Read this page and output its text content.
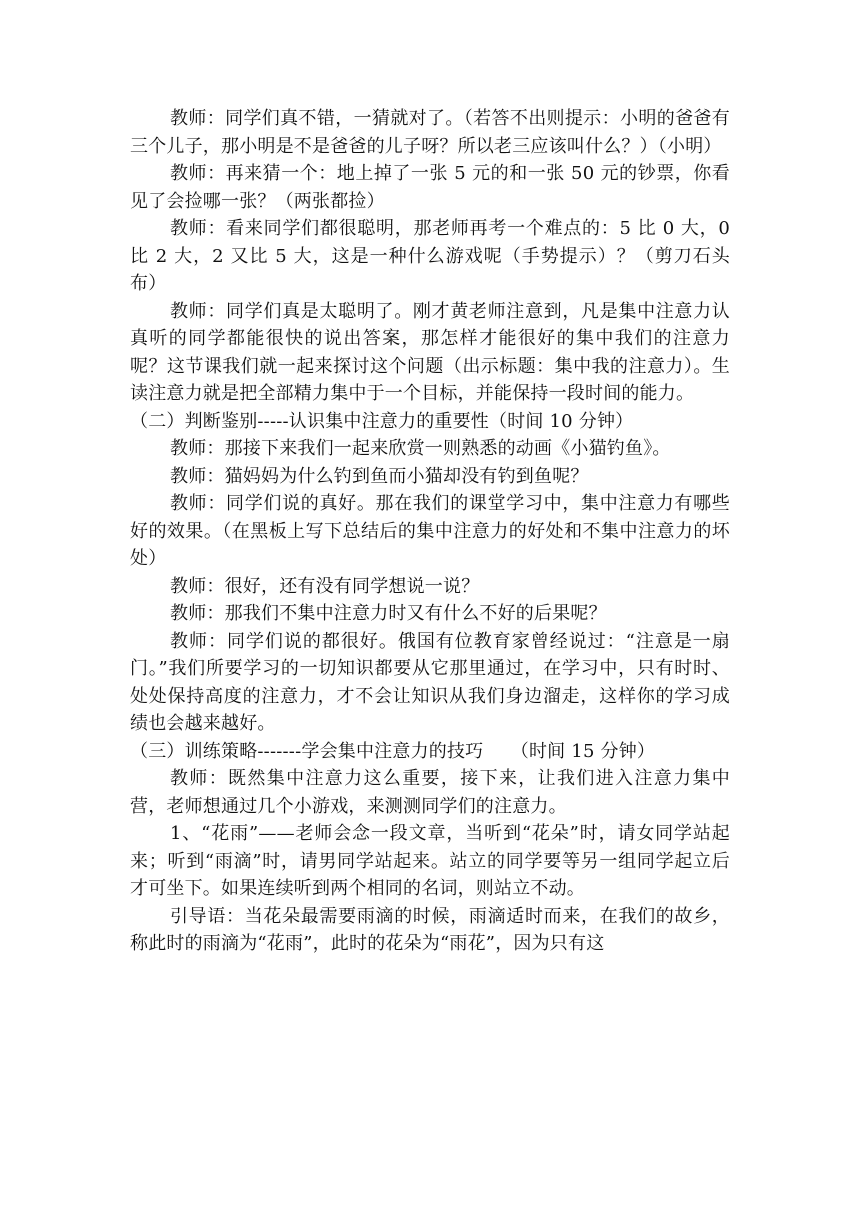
教师：同学们真不错，一猜就对了。（若答不出则提示：小明的爸爸有三个儿子，那小明是不是爸爸的儿子呀？所以老三应该叫什么？）（小明）

教师：再来猜一个：地上掉了一张 5 元的和一张 50 元的钞票，你看见了会捡哪一张？（两张都捡）

教师：看来同学们都很聪明，那老师再考一个难点的：5 比 0 大，0 比 2 大，2 又比 5 大，这是一种什么游戏呢（手势提示）？（剪刀石头布）

教师：同学们真是太聪明了。刚才黄老师注意到，凡是集中注意力认真听的同学都能很快的说出答案，那怎样才能很好的集中我们的注意力呢？这节课我们就一起来探讨这个问题（出示标题：集中我的注意力）。生读注意力就是把全部精力集中于一个目标，并能保持一段时间的能力。

（二）判断鉴别-----认识集中注意力的重要性（时间 10 分钟）

教师：那接下来我们一起来欣赏一则熟悉的动画《小猫钓鱼》。

教师：猫妈妈为什么钓到鱼而小猫却没有钓到鱼呢？

教师：同学们说的真好。那在我们的课堂学习中，集中注意力有哪些好的效果。（在黑板上写下总结后的集中注意力的好处和不集中注意力的坏处）

教师：很好，还有没有同学想说一说？

教师：那我们不集中注意力时又有什么不好的后果呢？

教师：同学们说的都很好。俄国有位教育家曾经说过：“注意是一扇门。”我们所要学习的一切知识都要从它那里通过，在学习中，只有时时、处处保持高度的注意力，才不会让知识从我们身边溜走，这样你的学习成绩也会越来越好。

（三）训练策略-------学会集中注意力的技巧　　（时间 15 分钟）

教师：既然集中注意力这么重要，接下来，让我们进入注意力集中营，老师想通过几个小游戏，来测测同学们的注意力。

1、“花雨”——老师会念一段文章，当听到“花朵”时，请女同学站起来；听到“雨滴”时，请男同学站起来。站立的同学要等另一组同学起立后才可坐下。如果连续听到两个相同的名词，则站立不动。

引导语：当花朵最需要雨滴的时候，雨滴适时而来，在我们的故乡，称此时的雨滴为“花雨”，此时的花朵为“雨花”，因为只有这
